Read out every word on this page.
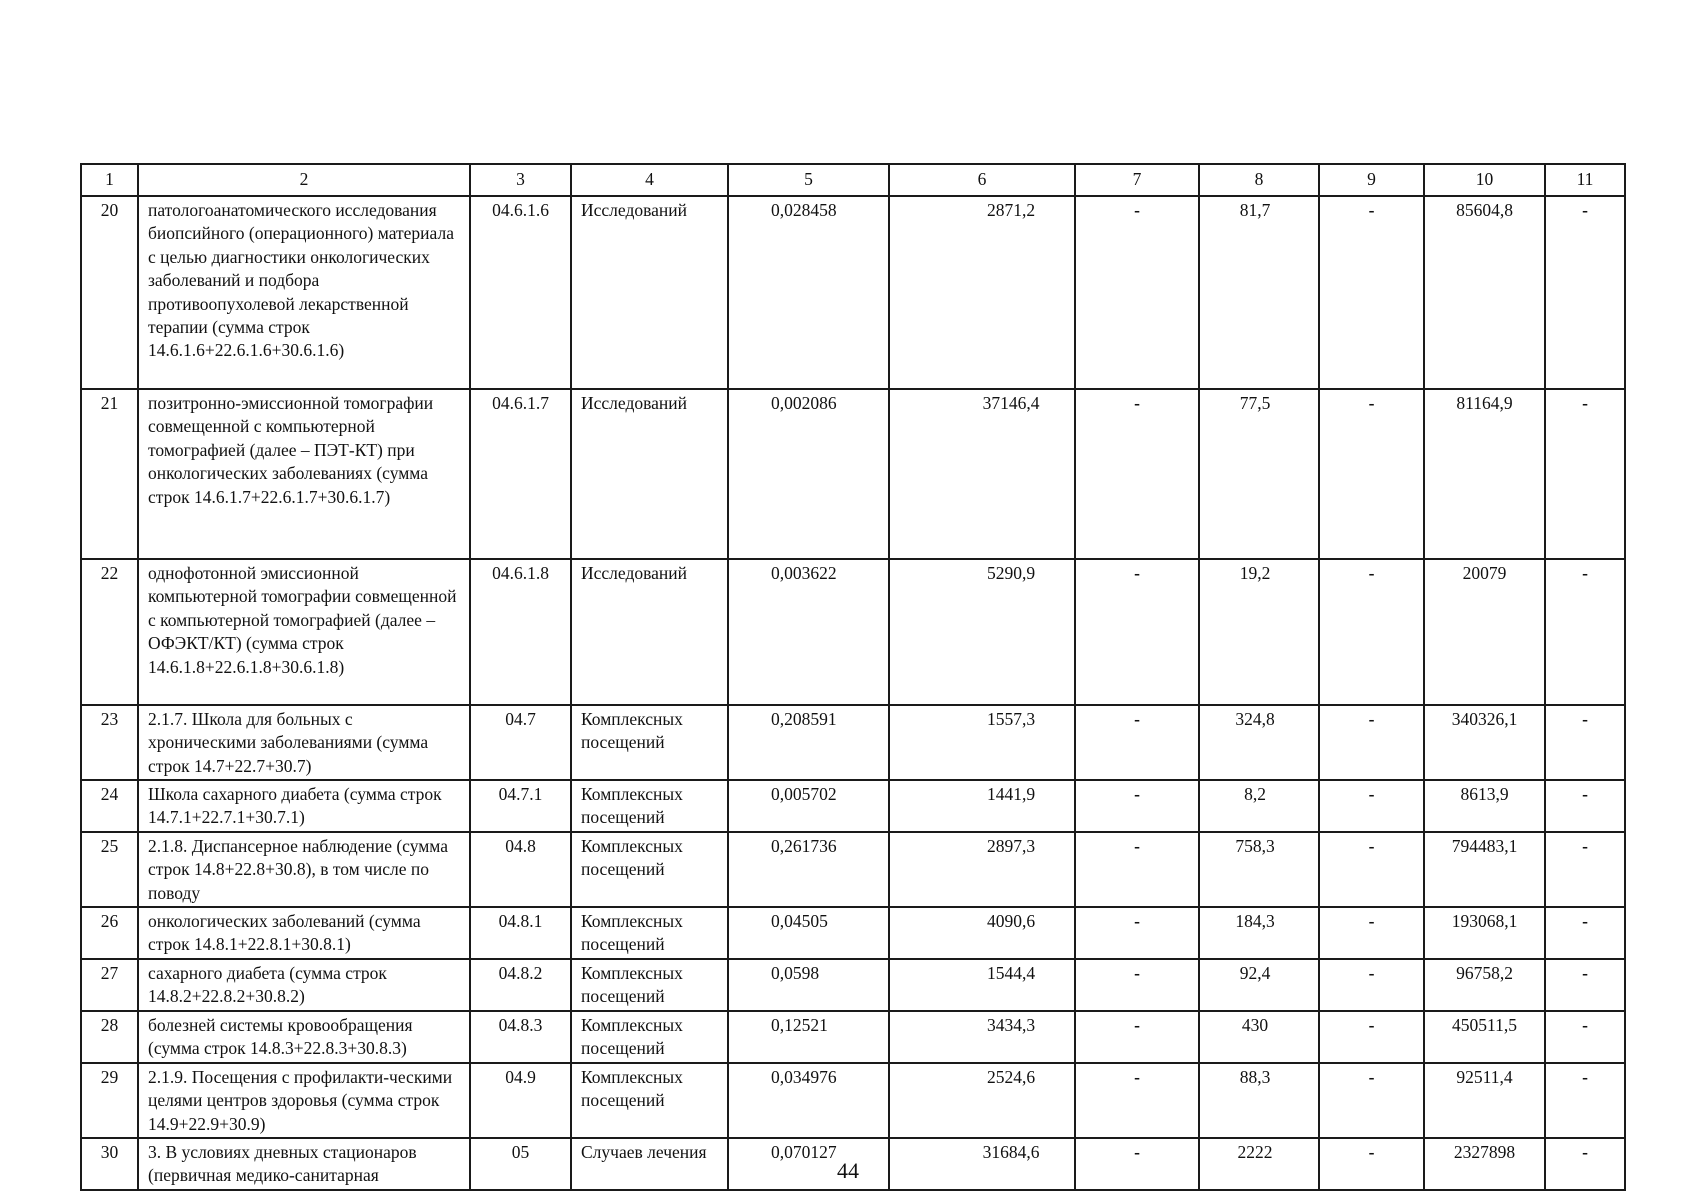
1	2	3	4	5	6	7	8	9	10	11
20	патологоанатомического исследования биопсийного (операционного) материала с целью диагностики онкологических заболеваний и подбора противоопухолевой лекарственной терапии (сумма строк 14.6.1.6+22.6.1.6+30.6.1.6)	04.6.1.6	Исследований	0,028458	2871,2	-	81,7	-	85604,8	-
21	позитронно-эмиссионной томографии совмещенной с компьютерной томографией (далее – ПЭТ-КТ) при онкологических заболеваниях (сумма строк 14.6.1.7+22.6.1.7+30.6.1.7)	04.6.1.7	Исследований	0,002086	37146,4	-	77,5	-	81164,9	-
22	однофотонной эмиссионной компьютерной томографии совмещенной с компьютерной томографией (далее – ОФЭКТ/КТ) (сумма строк 14.6.1.8+22.6.1.8+30.6.1.8)	04.6.1.8	Исследований	0,003622	5290,9	-	19,2	-	20079	-
23	2.1.7. Школа для больных с хроническими заболеваниями (сумма строк 14.7+22.7+30.7)	04.7	Комплексных посещений	0,208591	1557,3	-	324,8	-	340326,1	-
24	Школа сахарного диабета (сумма строк 14.7.1+22.7.1+30.7.1)	04.7.1	Комплексных посещений	0,005702	1441,9	-	8,2	-	8613,9	-
25	2.1.8. Диспансерное наблюдение (сумма строк 14.8+22.8+30.8), в том числе по поводу	04.8	Комплексных посещений	0,261736	2897,3	-	758,3	-	794483,1	-
26	онкологических заболеваний (сумма строк 14.8.1+22.8.1+30.8.1)	04.8.1	Комплексных посещений	0,04505	4090,6	-	184,3	-	193068,1	-
27	сахарного диабета (сумма строк 14.8.2+22.8.2+30.8.2)	04.8.2	Комплексных посещений	0,0598	1544,4	-	92,4	-	96758,2	-
28	болезней системы кровообращения (сумма строк 14.8.3+22.8.3+30.8.3)	04.8.3	Комплексных посещений	0,12521	3434,3	-	430	-	450511,5	-
29	2.1.9. Посещения с профилакти-ческими целями центров здоровья (сумма строк 14.9+22.9+30.9)	04.9	Комплексных посещений	0,034976	2524,6	-	88,3	-	92511,4	-
30	3. В условиях дневных стационаров (первичная медико-санитарная	05	Случаев лечения	0,070127	31684,6	-	2222	-	2327898	-
44
